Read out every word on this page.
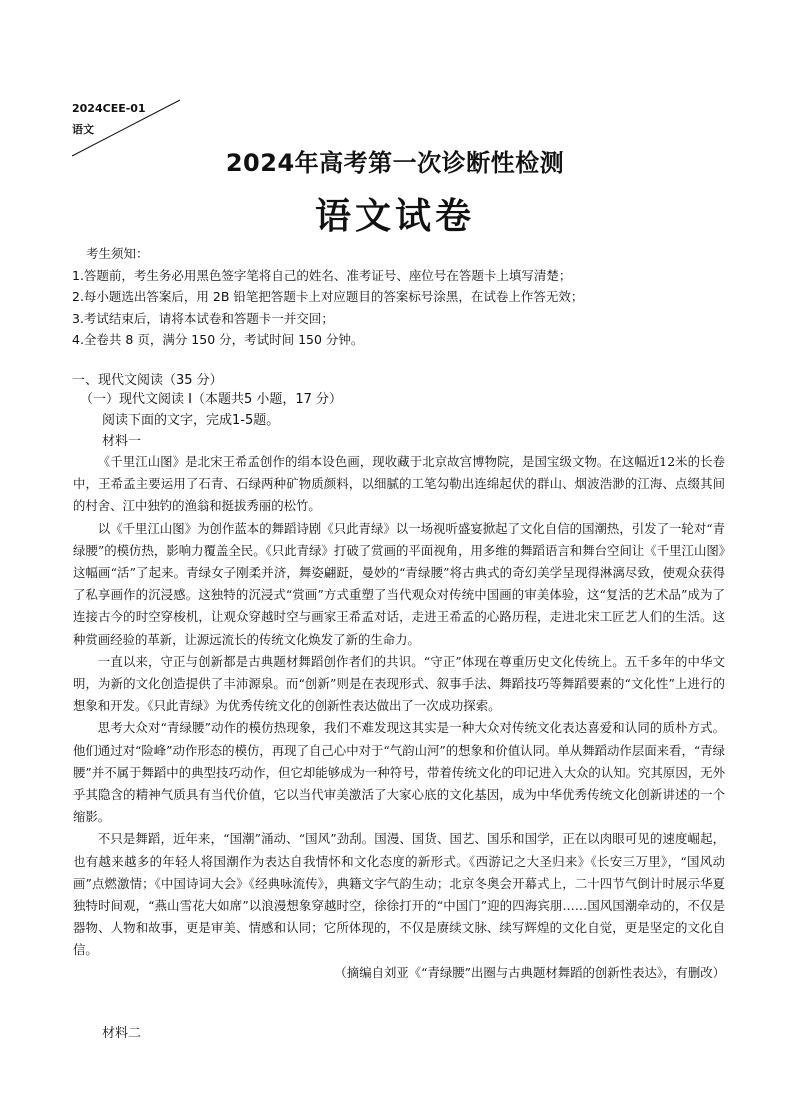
2024CEE-01
语文
2024年高考第一次诊断性检测
语文试卷
考生须知：
1.答题前，考生务必用黑色签字笔将自己的姓名、准考证号、座位号在答题卡上填写清楚；
2.每小题选出答案后，用 2B 铅笔把答题卡上对应题目的答案标号涂黑，在试卷上作答无效；
3.考试结束后，请将本试卷和答题卡一并交回；
4.全卷共 8 页，满分 150 分，考试时间 150 分钟。
一、现代文阅读（35 分）
（一）现代文阅读 I（本题共5 小题，17 分）
阅读下面的文字，完成1-5题。
材料一

《千里江山图》是北宋王希孟创作的绢本设色画，现收藏于北京故宫博物院，是国宝级文物。在这幅近12米的长卷中，王希孟主要运用了石青、石绿两种矿物质颜料，以细腻的工笔勾勒出连绵起伏的群山、烟波浩渺的江海、点缀其间的村舍、江中独钓的渔翁和挺拔秀丽的松竹。

以《千里江山图》为创作蓝本的舞蹈诗剧《只此青绿》以一场视听盛宴掀起了文化自信的国潮热，引发了一轮对“青绿腰”的模仿热，影响力覆盖全民。《只此青绿》打破了赏画的平面视角，用多维的舞蹈语言和舞台空间让《千里江山图》这幅画“活”了起来。青绿女子刚柔并济，舞姿翩跹，曼妙的“青绿腰”将古典式的奇幻美学呈现得淋漓尽致，使观众获得了私享画作的沉浸感。这独特的沉浸式“赏画”方式重塑了当代观众对传统中国画的审美体验，这“复活的艺术品”成为了连接古今的时空穿梭机，让观众穿越时空与画家王希孟对话，走进王希孟的心路历程，走进北宋工匠艺人们的生活。这种赏画经验的革新，让源远流长的传统文化焕发了新的生命力。

一直以来，守正与创新都是古典题材舞蹈创作者们的共识。“守正”体现在尊重历史文化传统上。五千多年的中华文明，为新的文化创造提供了丰沛源泉。而“创新”则是在表现形式、叙事手法、舞蹈技巧等舞蹈要素的“文化性”上进行的想象和开发。《只此青绿》为优秀传统文化的创新性表达做出了一次成功探索。

思考大众对“青绿腰”动作的模仿热现象，我们不难发现这其实是一种大众对传统文化表达喜爱和认同的质朴方式。他们通过对“险峰”动作形态的模仿，再现了自己心中对于“气韵山河”的想象和价值认同。单从舞蹈动作层面来看，“青绿腰”并不属于舞蹈中的典型技巧动作，但它却能够成为一种符号，带着传统文化的印记进入大众的认知。究其原因，无外乎其隐含的精神气质具有当代价值，它以当代审美激活了大家心底的文化基因，成为中华优秀传统文化创新讲述的一个缩影。

不只是舞蹈，近年来，“国潮”涌动、“国风”劲刮。国漫、国货、国艺、国乐和国学，正在以肉眼可见的速度崛起，也有越来越多的年轻人将国潮作为表达自我情怀和文化态度的新形式。《西游记之大圣归来》《长安三万里》，“国风动画”点燃激情；《中国诗词大会》《经典咏流传》，典籍文字气韵生动；北京冬奥会开幕式上，二十四节气倒计时展示华夏独特时间观，“燕山雪花大如席”以浪漫想象穿越时空，徐徐打开的“中国门”迎的四海宾朋……国风国潮牵动的，不仅是器物、人物和故事，更是审美、情感和认同；它所体现的，不仅是赓续文脉、续写辉煌的文化自觉，更是坚定的文化自信。

（摘编自刘亚《“青绿腰”出圈与古典题材舞蹈的创新性表达》，有删改）

材料二
